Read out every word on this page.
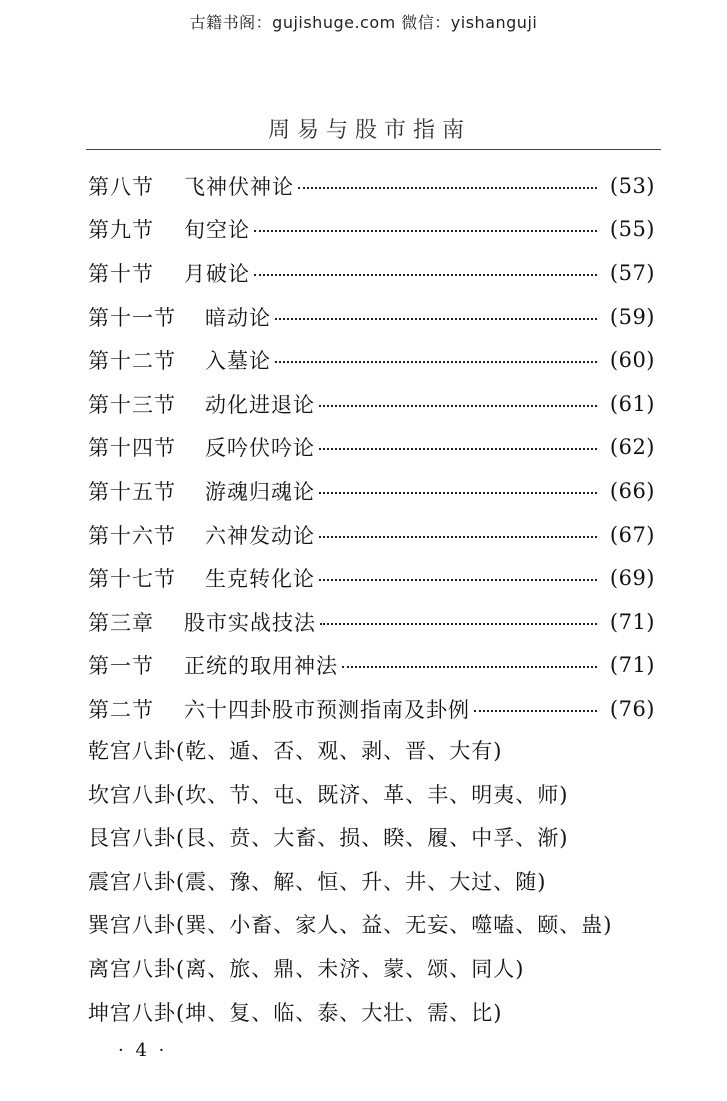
古籍书阁：gujishuge.com 微信：yishanguji
周易与股市指南
第八节	飞神伏神论	(53)
第九节	旬空论	(55)
第十节	月破论	(57)
第十一节	暗动论	(59)
第十二节	入墓论	(60)
第十三节	动化进退论	(61)
第十四节	反吟伏吟论	(62)
第十五节	游魂归魂论	(66)
第十六节	六神发动论	(67)
第十七节	生克转化论	(69)
第三章	股市实战技法	(71)
第一节	正统的取用神法	(71)
第二节	六十四卦股市预测指南及卦例	(76)
乾宫八卦(乾、遁、否、观、剥、晋、大有)
坎宫八卦(坎、节、屯、既济、革、丰、明夷、师)
艮宫八卦(艮、贲、大畜、损、睽、履、中孚、渐)
震宫八卦(震、豫、解、恒、升、井、大过、随)
巽宫八卦(巽、小畜、家人、益、无妄、噬嗑、颐、蛊)
离宫八卦(离、旅、鼎、未济、蒙、颂、同人)
坤宫八卦(坤、复、临、泰、大壮、需、比)
· 4 ·
